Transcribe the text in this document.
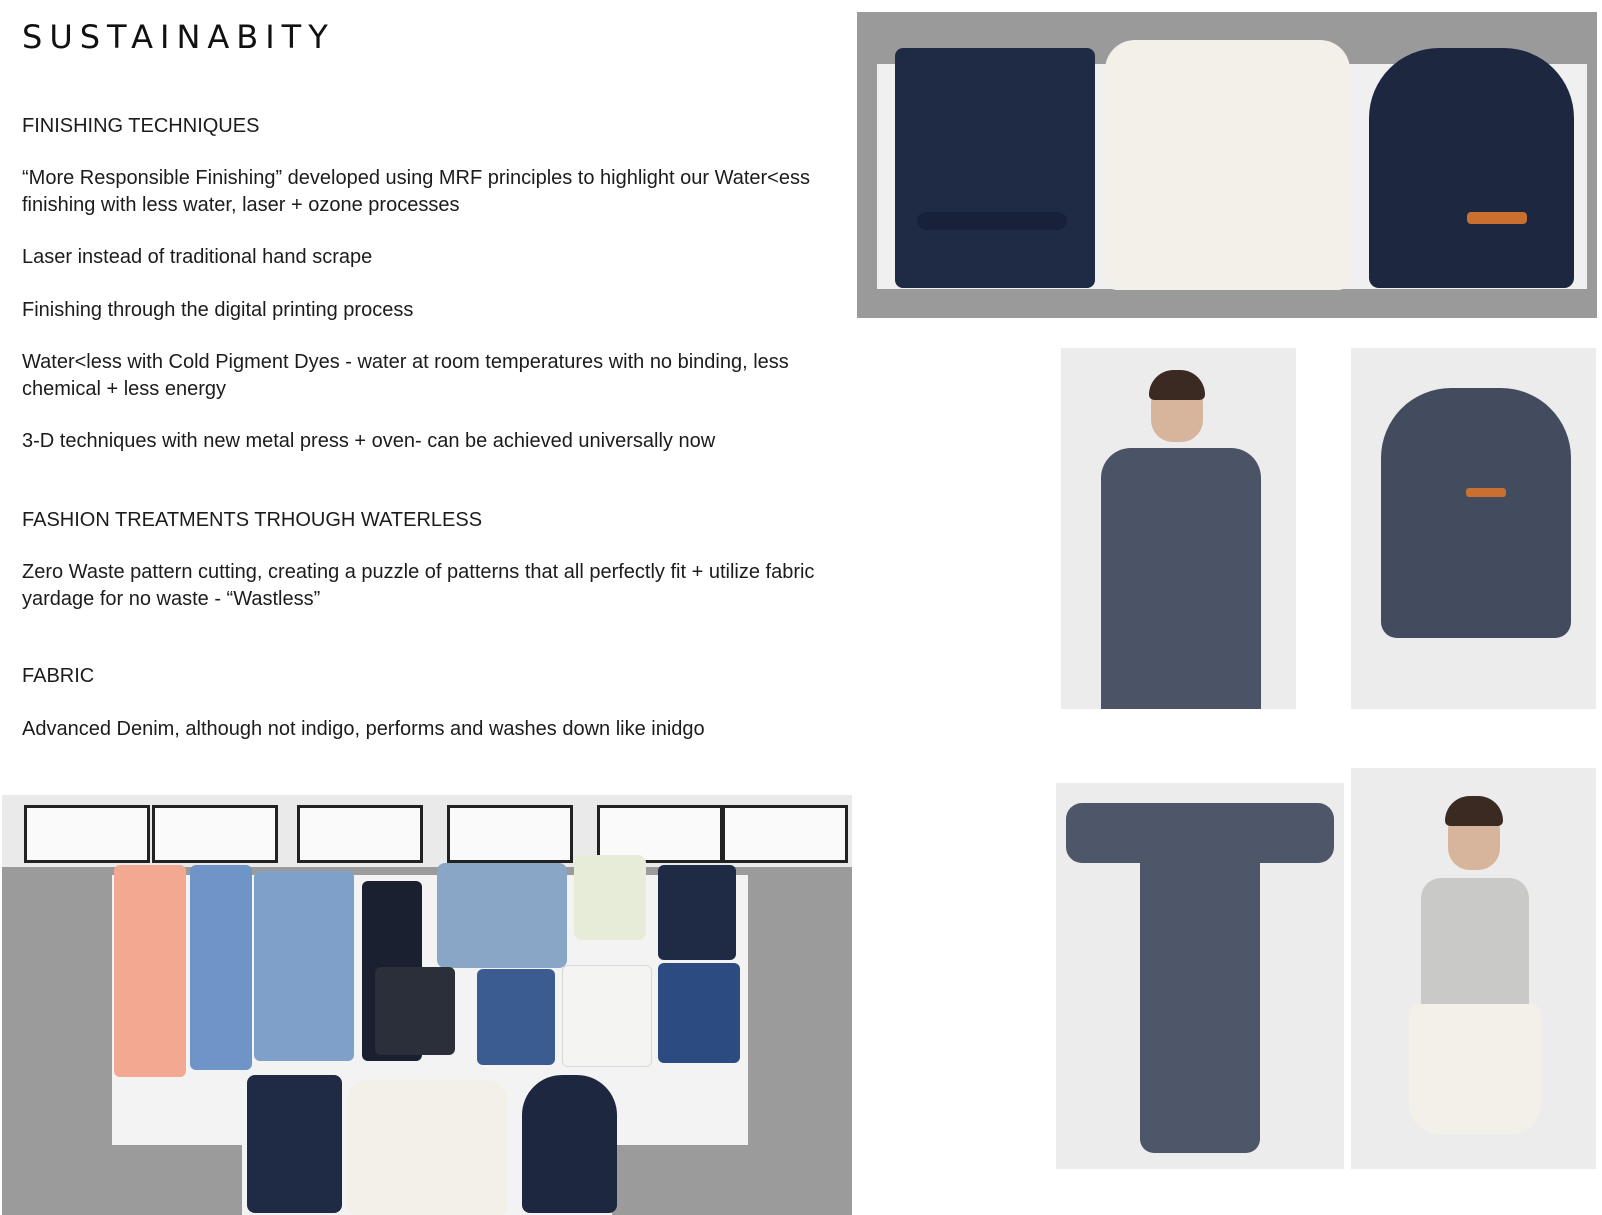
SUSTAINABITY
FINISHING TECHNIQUES
“More Responsible Finishing” developed using MRF principles to highlight our Water<ess
finishing with less water, laser + ozone processes
Laser instead of traditional hand scrape
Finishing through the digital printing process
Water<less with Cold Pigment Dyes - water at room temperatures with no binding, less
chemical + less energy
3-D techniques with new metal press + oven- can be achieved universally now
FASHION TREATMENTS TRHOUGH WATERLESS
Zero Waste pattern cutting, creating a puzzle of patterns that all perfectly fit + utilize fabric
yardage for no waste - “Wastless”
FABRIC
Advanced Denim, although not indigo, performs and washes down like inidgo
